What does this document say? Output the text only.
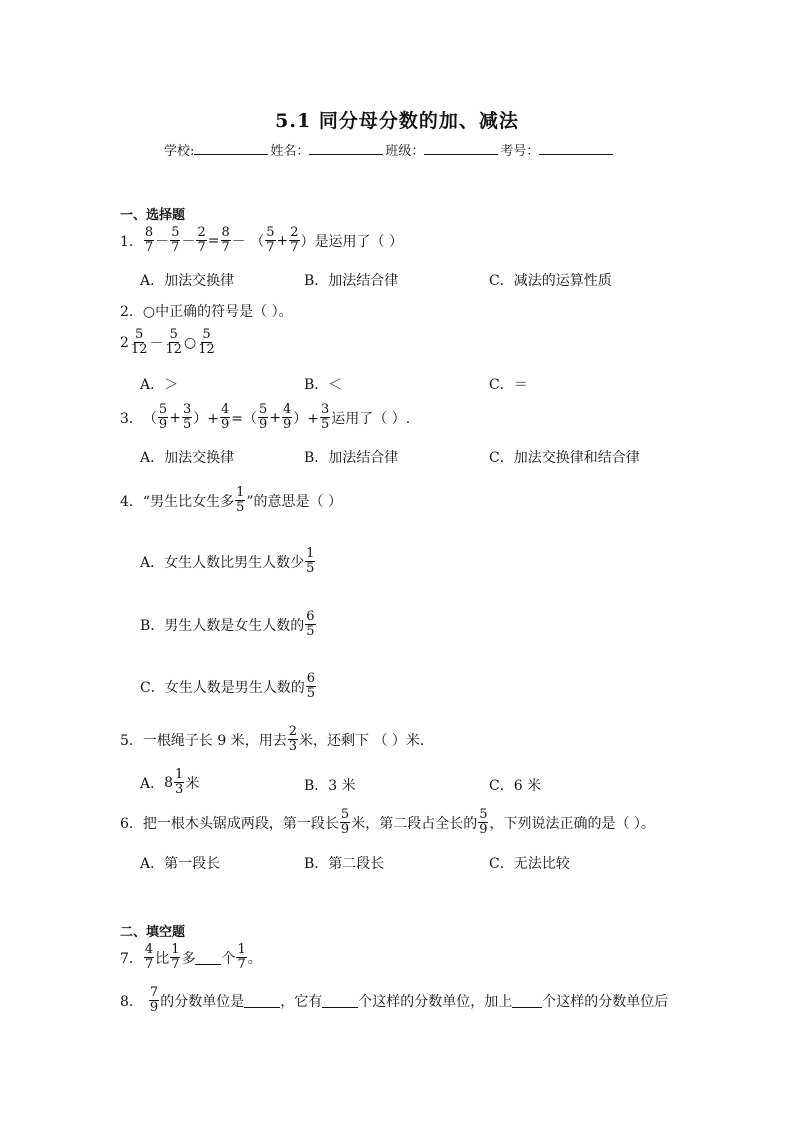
5.1 同分母分数的加、减法
学校:	姓名：	班级：	考号：
一、选择题
1． $\frac{8}{7} - \frac{5}{7} - \frac{2}{7} = \frac{8}{7}$ － （ $\frac{5}{7} + \frac{2}{7}$ ）是运用了（ ）
A．加法交换律	B．加法结合律	C．减法的运算性质
2． ○中正确的符号是（ ）。
$2 \frac{5}{12} - \frac{5}{12}$ ○ $\frac{5}{12}$
A．＞	B．＜	C．＝
3． （ $\frac{5}{9} + \frac{3}{5}$ ）+ $\frac{4}{9}$ =（ $\frac{5}{9} + \frac{4}{9}$ ）+ $\frac{3}{5}$ 运用了（ ）.
A．加法交换律	B．加法结合律	C．加法交换律和结合律
4． “男生比女生多 $\frac{1}{5}$ ”的意思是（ ）
A．女生人数比男生人数少 $\frac{1}{5}$
B．男生人数是女生人数的 $\frac{6}{5}$
C．女生人数是男生人数的 $\frac{6}{5}$
5． 一根绳子长 9 米，用去 $\frac{2}{3}$ 米，还剩下 （ ）米．
A． $8 \frac{1}{3}$ 米	B．3 米	C．6 米
6． 把一根木头锯成两段，第一段长 $\frac{5}{9}$ 米，第二段占全长的 $\frac{5}{9}$ ，下列说法正确的是（ ）。
A．第一段长	B．第二段长	C．无法比较
二、填空题
7． $\frac{4}{7}$ 比 $\frac{1}{7}$ 多 个 $\frac{1}{7}$ 。
8． $\frac{7}{9}$ 的分数单位是	，它有	个这样的分数单位，加上 个这样的分数单位后
